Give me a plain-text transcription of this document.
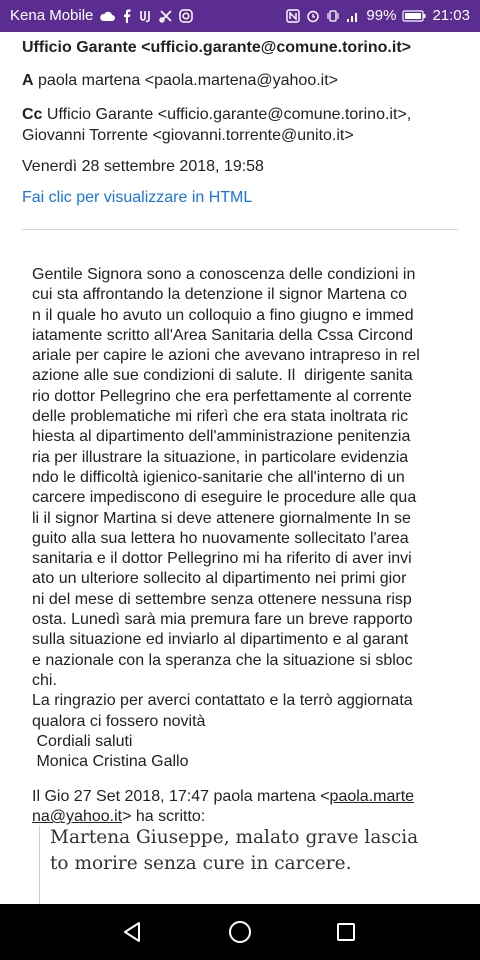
Kena Mobile	99% 21:03
Ufficio Garante <ufficio.garante@comune.torino.it>
A paola martena <paola.martena@yahoo.it>
Cc Ufficio Garante <ufficio.garante@comune.torino.it>,
Giovanni Torrente <giovanni.torrente@unito.it>
Venerdì 28 settembre 2018, 19:58
Fai clic per visualizzare in HTML
Gentile Signora sono a conoscenza delle condizioni in
cui sta affrontando la detenzione il signor Martena co
n il quale ho avuto un colloquio a fino giugno e immed
iatamente scritto all'Area Sanitaria della Cssa Circond
ariale per capire le azioni che avevano intrapreso in rel
azione alle sue condizioni di salute. Il  dirigente sanita
rio dottor Pellegrino che era perfettamente al corrente
delle problematiche mi riferì che era stata inoltrata ric
hiesta al dipartimento dell'amministrazione penitenzia
ria per illustrare la situazione, in particolare evidenzia
ndo le difficoltà igienico-sanitarie che all'interno di un
carcere impediscono di eseguire le procedure alle qua
li il signor Martina si deve attenere giornalmente In se
guito alla sua lettera ho nuovamente sollecitato l'area
sanitaria e il dottor Pellegrino mi ha riferito di aver invi
ato un ulteriore sollecito al dipartimento nei primi gior
ni del mese di settembre senza ottenere nessuna risp
osta. Lunedì sarà mia premura fare un breve rapporto
sulla situazione ed inviarlo al dipartimento e al garant
e nazionale con la speranza che la situazione si sbloc
chi.
La ringrazio per averci contattato e la terrò aggiornata
qualora ci fossero novità
Cordiali saluti
Monica Cristina Gallo
Il Gio 27 Set 2018, 17:47 paola martena <paola.marte
na@yahoo.it> ha scritto:
Martena Giuseppe, malato grave lascia
to morire senza cure in carcere.
